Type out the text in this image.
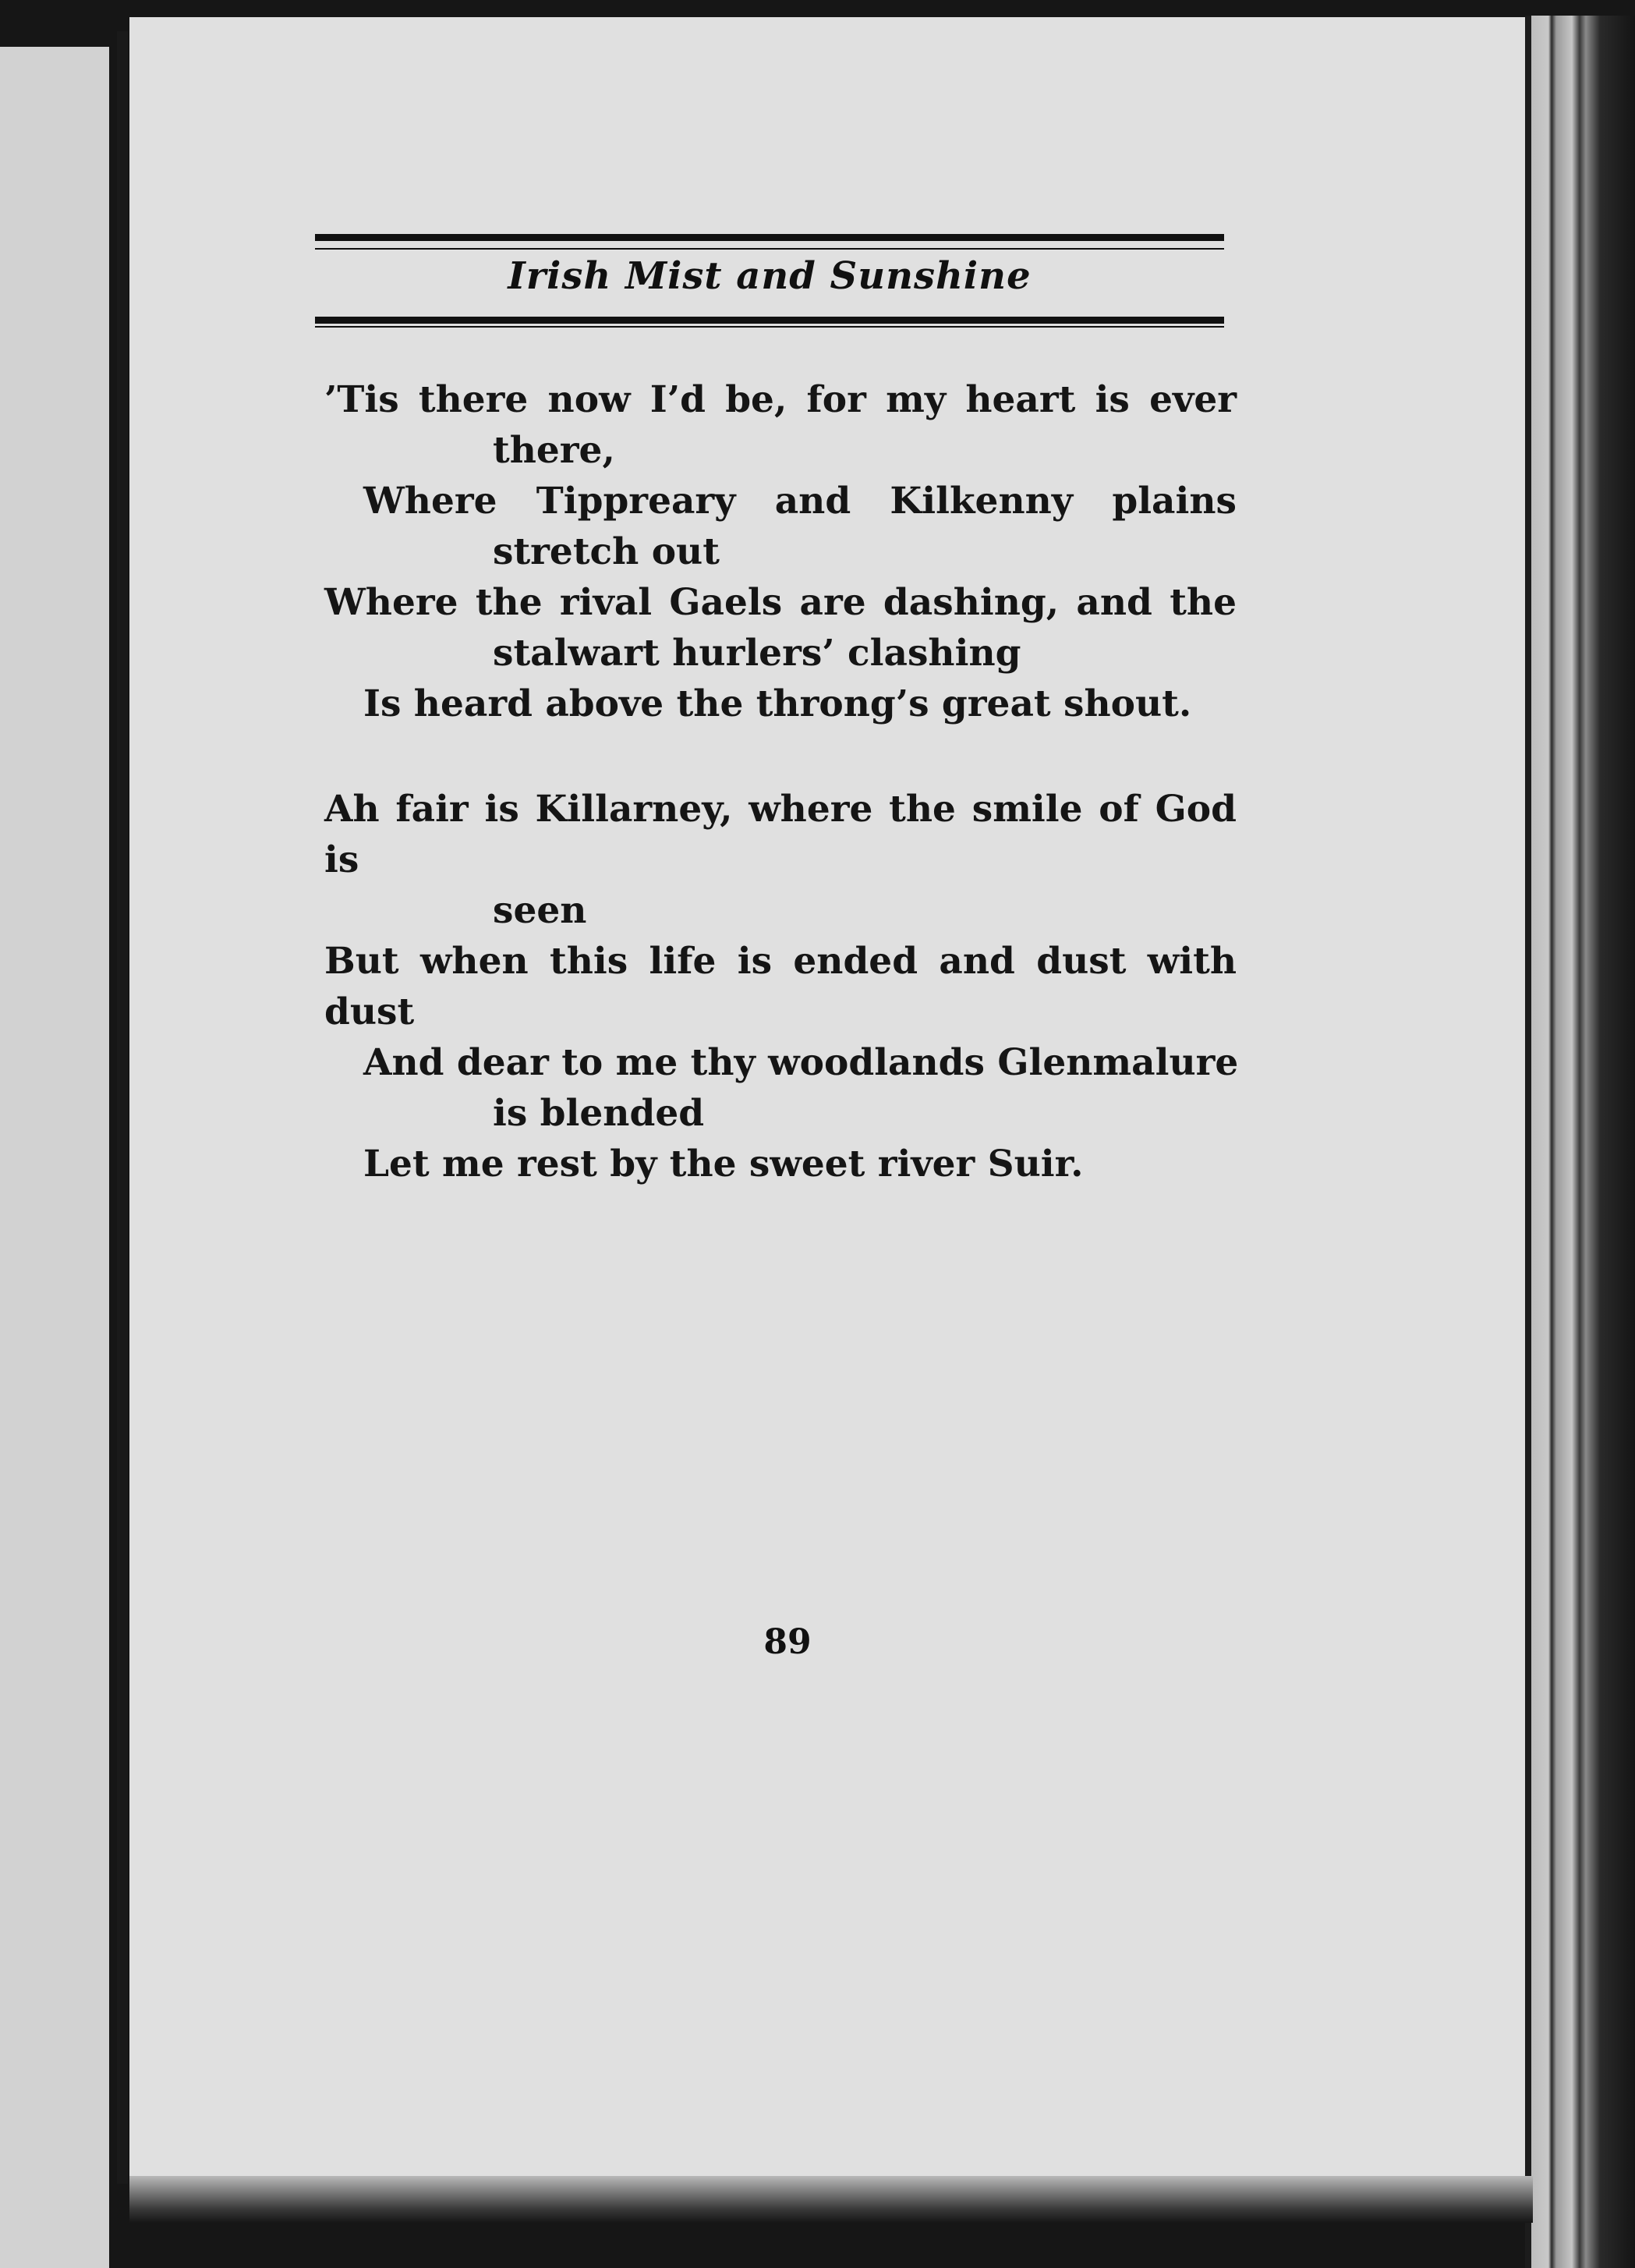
Irish Mist and Sunshine
’Tis there now I’d be, for my heart is ever
there,
Where Tippreary and Kilkenny plains
stretch out
Where the rival Gaels are dashing, and the
stalwart hurlers’ clashing
Is heard above the throng’s great shout.
Ah fair is Killarney, where the smile of God is
seen
But when this life is ended and dust with dust
And dear to me thy woodlands Glenmalure
is blended
Let me rest by the sweet river Suir.
89
